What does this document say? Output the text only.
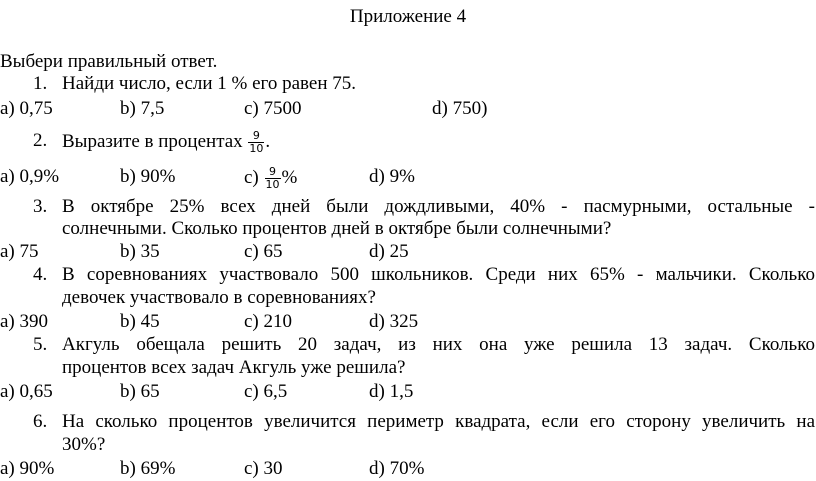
Приложение 4
Выбери правильный ответ.
1. Найди число, если 1 % его равен 75.
a) 0,75	b) 7,5	c) 7500	d) 750)
2. Выразите в процентах $\frac{9}{10}$ .
a) 0,9%	b) 90%	$c) \frac{9}{10}$ %	d) 9%
3. В октябре 25% всех дней были дождливыми, 40% - пасмурными, остальные -
солнечными. Сколько процентов дней в октябре были солнечными?
a) 75	b) 35	c) 65	d) 25
4. В соревнованиях участвовало 500 школьников. Среди них 65% - мальчики. Сколько
девочек участвовало в соревнованиях?
a) 390	b) 45	c) 210	d) 325
5. Акгуль обещала решить 20 задач, из них она уже решила 13 задач. Сколько
процентов всех задач Акгуль уже решила?
a) 0,65	b) 65	c) 6,5	d) 1,5
6. На сколько процентов увеличится периметр квадрата, если его сторону увеличить на
30%?
a) 90%	b) 69%	c) 30	d) 70%
